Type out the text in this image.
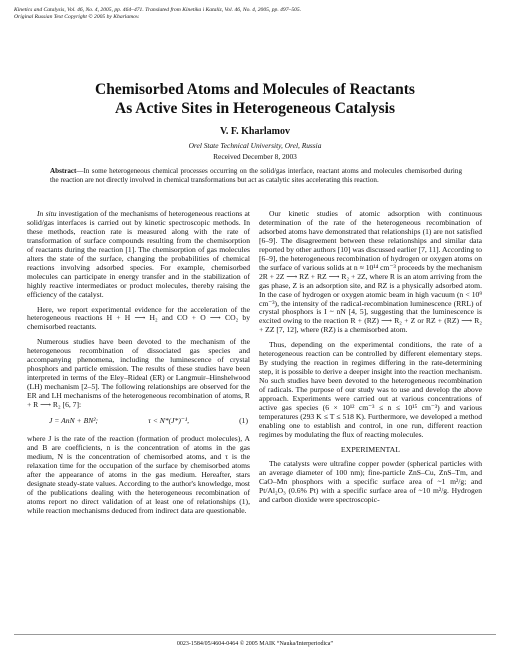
Kinetics and Catalysis, Vol. 46, No. 4, 2005, pp. 464–471. Translated from Kinetika i Kataliz, Vol. 46, No. 4, 2005, pp. 497–505.
Original Russian Text Copyright © 2005 by Kharlamov.
Chemisorbed Atoms and Molecules of Reactants
As Active Sites in Heterogeneous Catalysis
V. F. Kharlamov
Orel State Technical University, Orel, Russia
Received December 8, 2003
Abstract—In some heterogeneous chemical processes occurring on the solid/gas interface, reactant atoms and molecules chemisorbed during the reaction are not directly involved in chemical transformations but act as catalytic sites accelerating this reaction.

In situ investigation of the mechanisms of heterogeneous reactions at solid/gas interfaces is carried out by kinetic spectroscopic methods. In these methods, reaction rate is measured along with the rate of transformation of surface compounds resulting from the chemisorption of reactants during the reaction [1]. The chemisorption of gas molecules alters the state of the surface, changing the probabilities of chemical reactions involving adsorbed species. For example, chemisorbed molecules can participate in energy transfer and in the stabilization of highly reactive intermediates or product molecules, thereby raising the efficiency of the catalyst.

Here, we report experimental evidence for the acceleration of the heterogeneous reactions H + H ⟶ H₂ and CO + O ⟶ CO₂ by chemisorbed reactants.

Numerous studies have been devoted to the mechanism of the heterogeneous recombination of dissociated gas species and accompanying phenomena, including the luminescence of crystal phosphors and particle emission. The results of these studies have been interpreted in terms of the Eley–Rideal (ER) or Langmuir–Hinshelwood (LH) mechanism [2–5]. The following relationships are observed for the ER and LH mechanisms of the heterogeneous recombination of atoms, R + R ⟶ R₂ [6, 7]:

J = AnN + BN²;	τ < N*(J*)⁻¹,	(1)

where J is the rate of the reaction (formation of product molecules), A and B are coefficients, n is the concentration of atoms in the gas medium, N is the concentration of chemisorbed atoms, and τ is the relaxation time for the occupation of the surface by chemisorbed atoms after the appearance of atoms in the gas medium. Hereafter, stars designate steady-state values. According to the author's knowledge, most of the publications dealing with the heterogeneous recombination of atoms report no direct validation of at least one of relationships (1), while reaction mechanisms deduced from indirect data are questionable.

Our kinetic studies of atomic adsorption with continuous determination of the rate of the heterogeneous recombination of adsorbed atoms have demonstrated that relationships (1) are not satisfied [6–9]. The disagreement between these relationships and similar data reported by other authors [10] was discussed earlier [7, 11]. According to [6–9], the heterogeneous recombination of hydrogen or oxygen atoms on the surface of various solids at n ≈ 10¹⁴ cm⁻³ proceeds by the mechanism 2R + 2Z ⟶ RZ + RZ ⟶ R₂ + 2Z, where R is an atom arriving from the gas phase, Z is an adsorption site, and RZ is a physically adsorbed atom. In the case of hydrogen or oxygen atomic beam in high vacuum (n < 10⁹ cm⁻³), the intensity of the radical-recombination luminescence (RRL) of crystal phosphors is I ~ nN [4, 5], suggesting that the luminescence is excited owing to the reaction R + (RZ) ⟶ R₂ + Z or RZ + (RZ) ⟶ R₂ + ZZ [7, 12], where (RZ) is a chemisorbed atom.

Thus, depending on the experimental conditions, the rate of a heterogeneous reaction can be controlled by different elementary steps. By studying the reaction in regimes differing in the rate-determining step, it is possible to derive a deeper insight into the reaction mechanism. No such studies have been devoted to the heterogeneous recombination of radicals. The purpose of our study was to use and develop the above approach. Experiments were carried out at various concentrations of active gas species (6 × 10¹² cm⁻³ ≤ n ≤ 10¹⁵ cm⁻³) and various temperatures (293 K ≤ T ≤ 518 K). Furthermore, we developed a method enabling one to establish and control, in one run, different reaction regimes by modulating the flux of reacting molecules.

EXPERIMENTAL

The catalysts were ultrafine copper powder (spherical particles with an average diameter of 100 nm); fine-particle ZnS–Cu, ZnS–Tm, and CaO–Mn phosphors with a specific surface area of ~1 m²/g; and Pt/Al₂O₃ (0.6% Pt) with a specific surface area of ~10 m²/g. Hydrogen and carbon dioxide were spectroscopic-

0023-1584/05/4604-0464 © 2005 MAIK “Nauka/Interperiodica”
